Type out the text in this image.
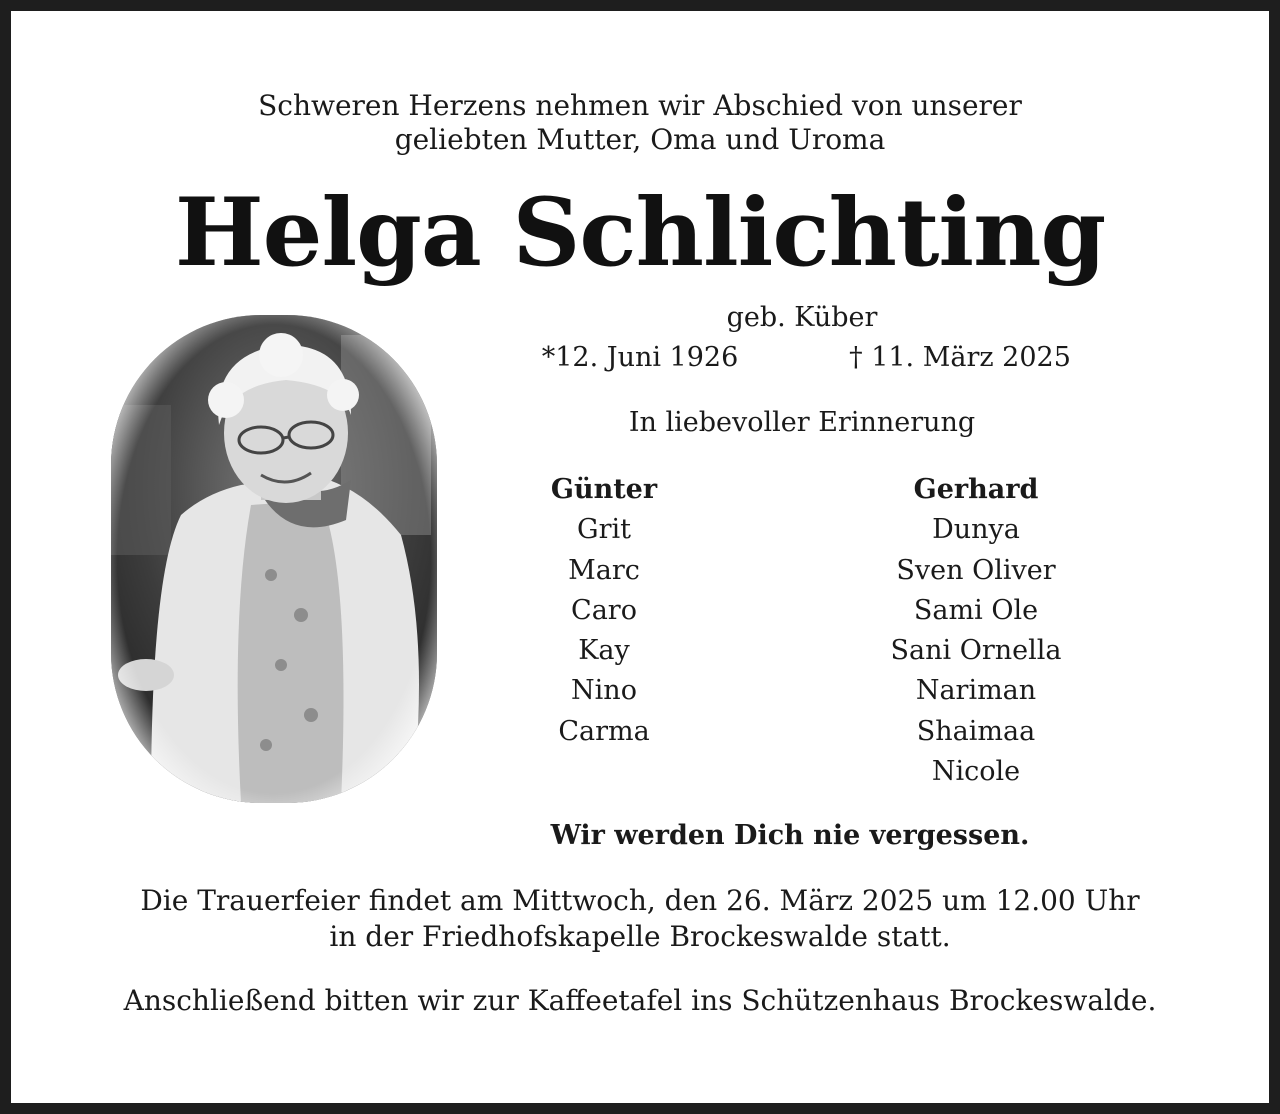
Schweren Herzens nehmen wir Abschied von unserer
geliebten Mutter, Oma und Uroma
Helga Schlichting
geb. Küber
*12. Juni 1926	† 11. März 2025
In liebevoller Erinnerung
Günter
Grit
Marc
Caro
Kay
Nino
Carma
Gerhard
Dunya
Sven Oliver
Sami Ole
Sani Ornella
Nariman
Shaimaa
Nicole
Wir werden Dich nie vergessen.
Die Trauerfeier findet am Mittwoch, den 26. März 2025 um 12.00 Uhr
in der Friedhofskapelle Brockeswalde statt.
Anschließend bitten wir zur Kaffeetafel ins Schützenhaus Brockeswalde.
